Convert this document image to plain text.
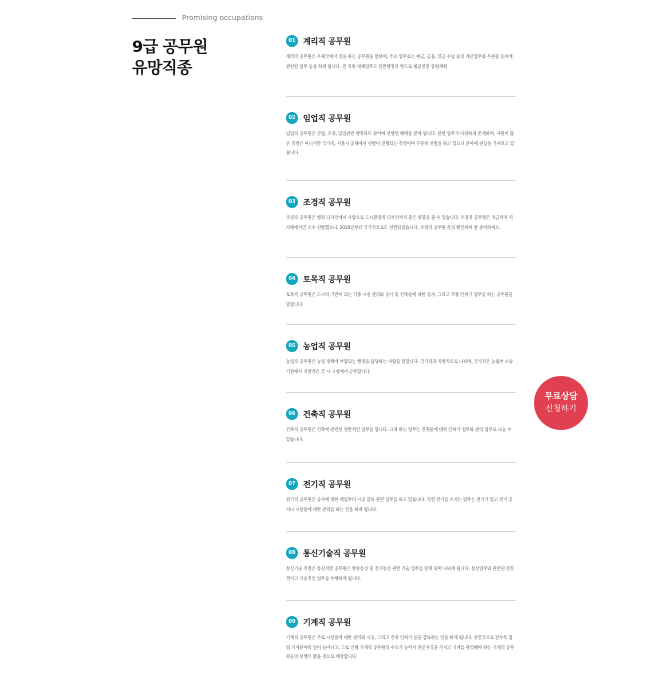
Promising occupations
9급 공무원
유망직종
01 계리직 공무원
계리직 공무원은 우체국에서 일을 하는 공무원을 말하며, 주요 업무로는 예금, 금융, 연금 수납 등의 계산업무와 우편물 등록에 관련된 업무 등을 하게 됩니다. 전 직원 대체업무도 일반행정과 별도로 평균연봉 증원계획
02 임업직 공무원
임업직 공무원은 산림, 조경, 임업관련 행정파트 분야에 선행된 혜택을 받게 됩니다. 관련 업무가 다양하게 존재하며, 자원이 많은 직렬은 아니지만 국가직, 서울시 공채에서 선발이 진행되는 직렬이며 꾸준히 선발을 하고 있으니 분야에 관심을 가져보고 있습니다
03 조경직 공무원
조경직 공무원은 행정 디자인에서 사람으로 도시환경의 디자인까지 좋은 영향을 줄 수 있습니다. 조경직 공무원은 지금까지 지자체에서만 소수 선발했으나, 2020년부터 국가직으로도 선발되었습니다. 조경직 공무원 특징 확인하여 잘 준비하세요.
04 토목직 공무원
토목직 공무원은 도시의 기반이 되는 각종 시설 관리와 공사 및 건축물에 대한 검사, 그리고 각종 인허가 업무를 하는 공무원을 말합니다.
05 농업직 공무원
농업직 공무원은 농업 정책에 부합되는 행정을 담당하는 사람을 말합니다. 국가직과 지방직으로 나뉘며, 국가직은 농림부 소속기관에서 지방직은 각 시·구청에서 근무합니다.
06 건축직 공무원
건축직 공무원은 건축에 관련된 전반적인 업무를 합니다. 크게 하는 업무는 건축물에 대한 인허가 업무와 관리 업무로 나눌 수 있습니다.
07 전기직 공무원
전기직 공무원은 공사에 대한 책임부터 시공 감독 관련 업무를 하고 있습니다. 직렬 전기를 쓰지는 업무는 전기가 있고 전기 공사나 시설물에 대한 관리를 하는 일을 하게 됩니다.
08 통신기술직 공무원
통신기술 직렬은 통신직렬 공무원은 방송통신 및 전기통신 관련 기술 업무를 맡게 되며 나뉘게 됩니다. 통신업무와 관련된 전문적이고 기술적인 업무를 수행하게 됩니다.
09 기계직 공무원
기계직 공무원은 주로 시설물에 대한 관리와 시공, 그리고 건축 인허가 등을 감독하는 일을 하게 됩니다. 선진국으로 갈수록 점점 기계분야의 일이 늘어나고, 그로 인해 기계직 공무원의 수요가 늘어서 전문지식을 가지고 기계를 관리해야 하는 기계직 공무원들의 선행은 밝을 것으로 예상합니다.
무료상담
신청하기
